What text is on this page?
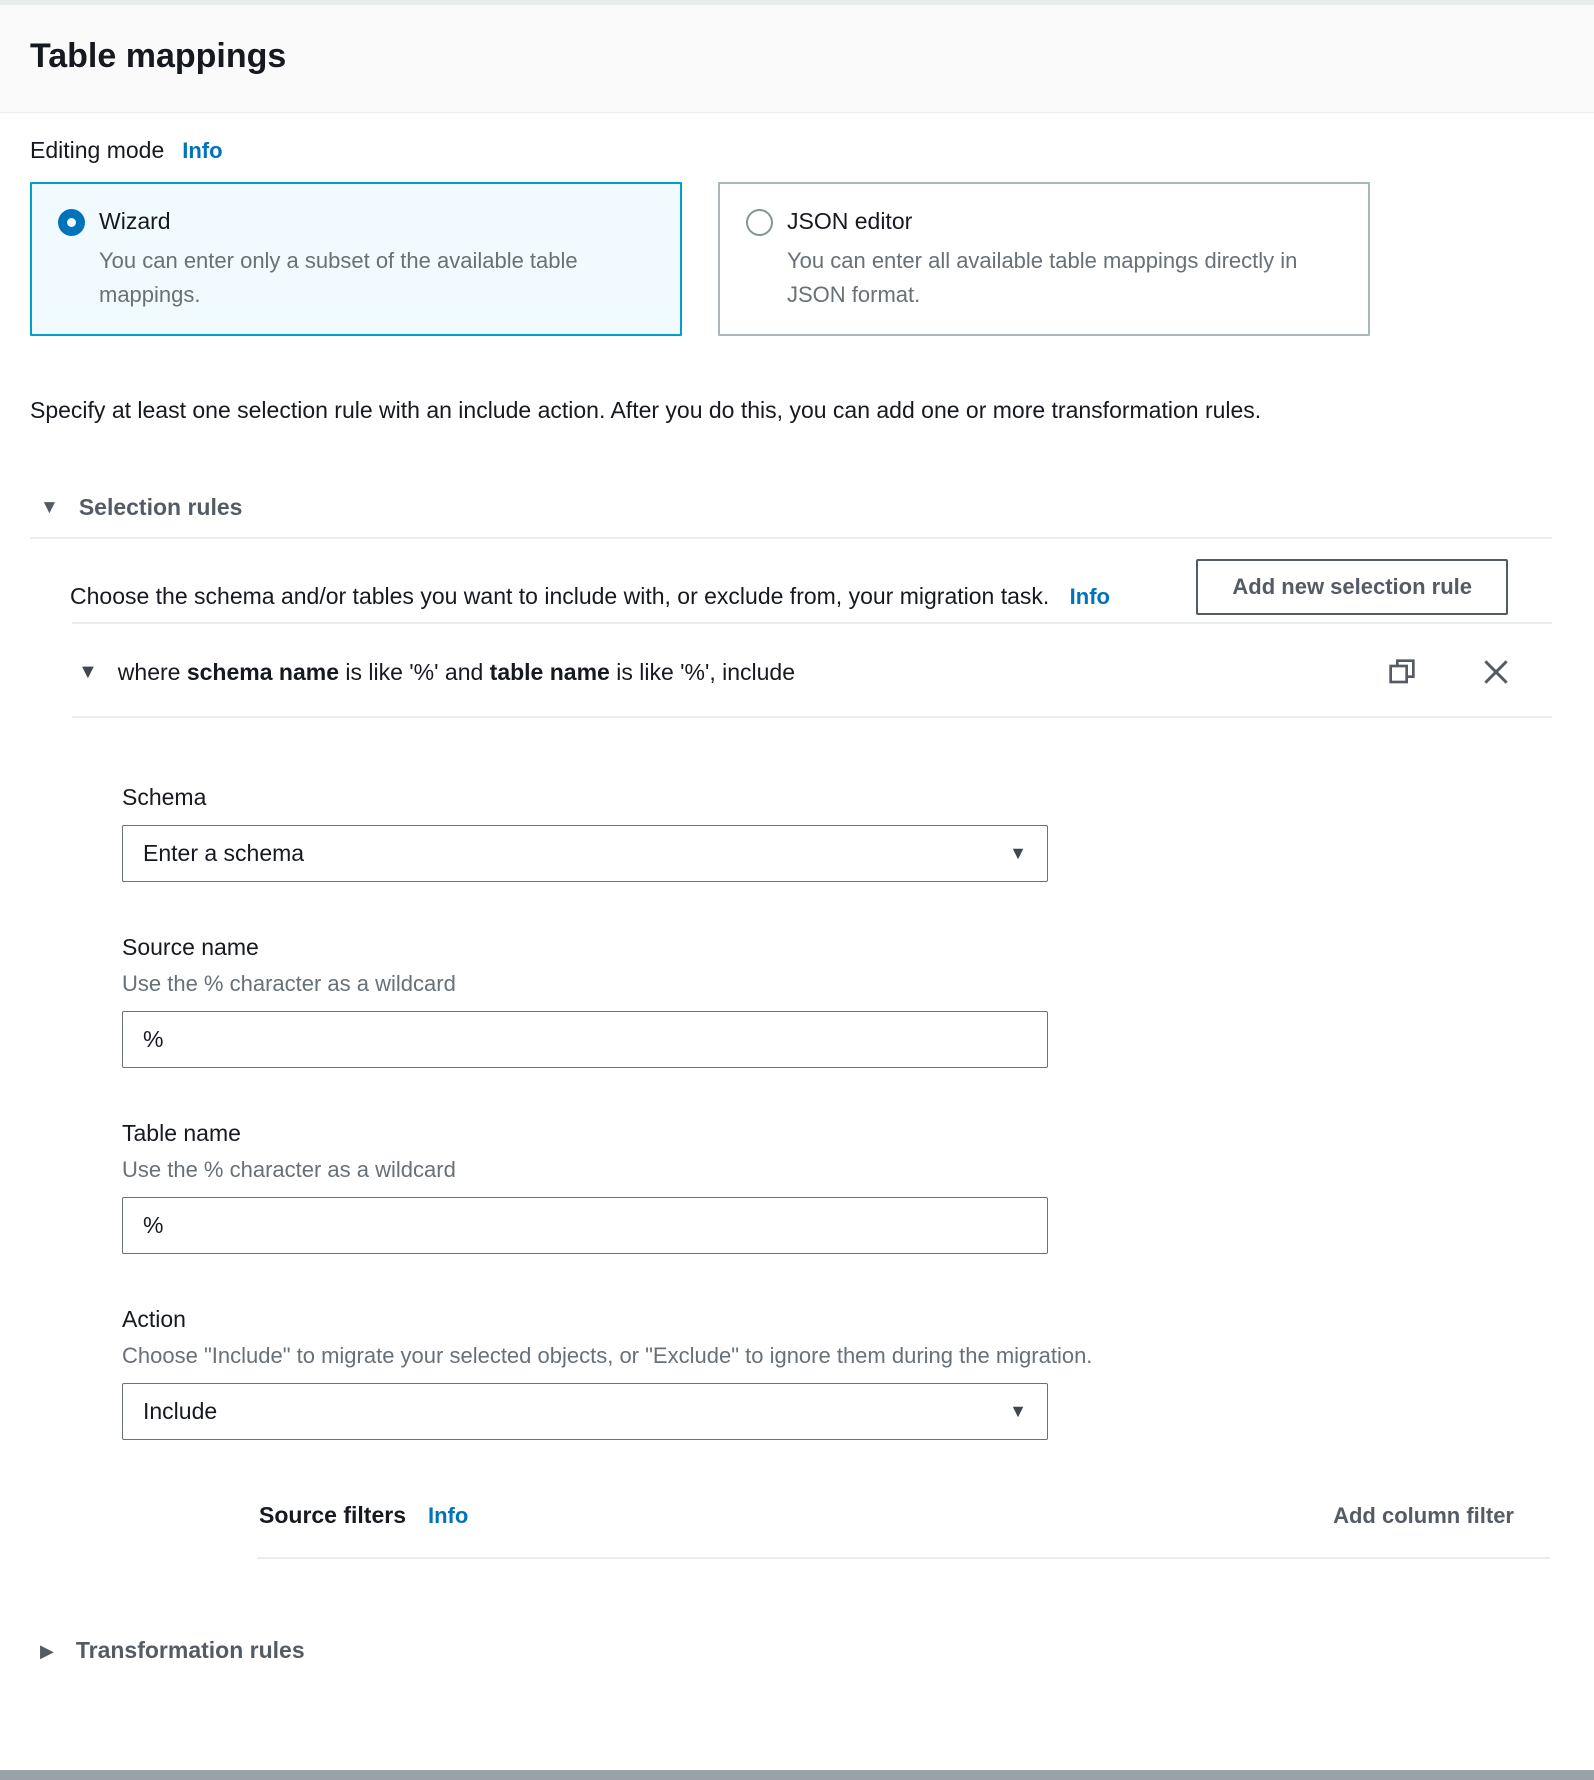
Table mappings
Editing mode Info
Wizard
You can enter only a subset of the available table mappings.
JSON editor
You can enter all available table mappings directly in JSON format.

Specify at least one selection rule with an include action. After you do this, you can add one or more transformation rules.

▼ Selection rules
Choose the schema and/or tables you want to include with, or exclude from, your migration task. Info	Add new selection rule
▼ where schema name is like '%' and table name is like '%', include
Schema
Enter a schema	▼
Source name
Use the % character as a wildcard
%
Table name
Use the % character as a wildcard
%
Action
Choose "Include" to migrate your selected objects, or "Exclude" to ignore them during the migration.
Include	▼
Source filters Info	Add column filter
▶ Transformation rules
